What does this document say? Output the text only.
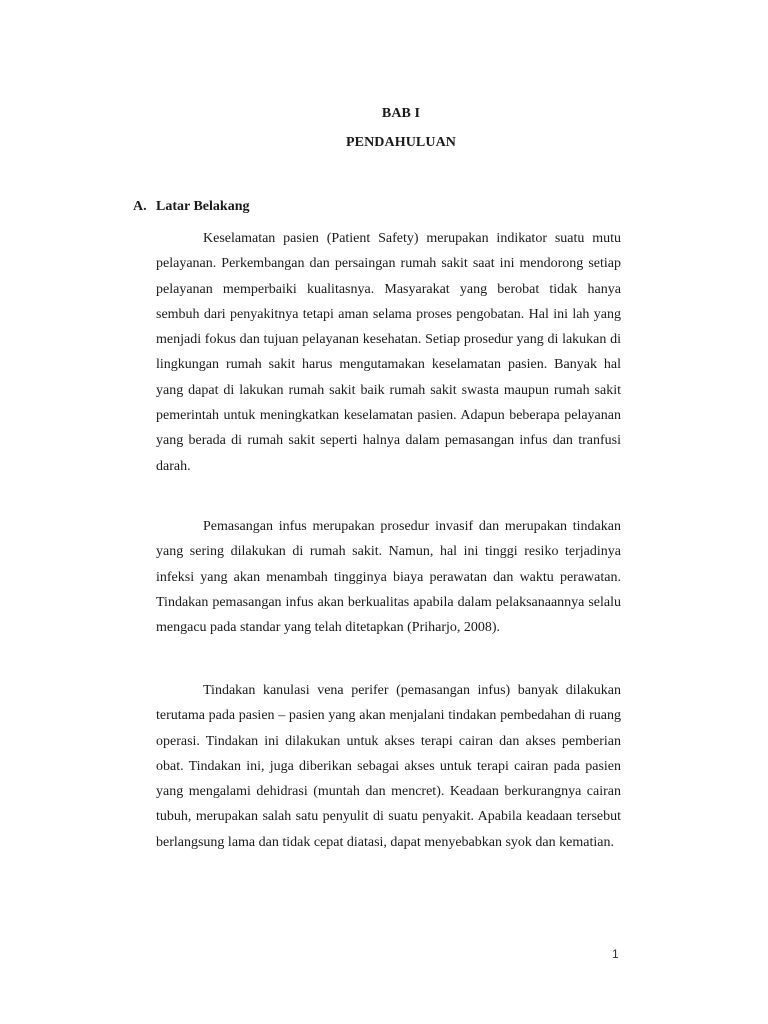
BAB I
PENDAHULUAN
A. Latar Belakang

Keselamatan pasien (Patient Safety) merupakan indikator suatu mutu pelayanan. Perkembangan dan persaingan rumah sakit saat ini mendorong setiap pelayanan memperbaiki kualitasnya. Masyarakat yang berobat tidak hanya sembuh dari penyakitnya tetapi aman selama proses pengobatan. Hal ini lah yang menjadi fokus dan tujuan pelayanan kesehatan. Setiap prosedur yang di lakukan di lingkungan rumah sakit harus mengutamakan keselamatan pasien. Banyak hal yang dapat di lakukan rumah sakit baik rumah sakit swasta maupun rumah sakit pemerintah untuk meningkatkan keselamatan pasien. Adapun beberapa pelayanan yang berada di rumah sakit seperti halnya dalam pemasangan infus dan tranfusi darah.

Pemasangan infus merupakan prosedur invasif dan merupakan tindakan yang sering dilakukan di rumah sakit. Namun, hal ini tinggi resiko terjadinya infeksi yang akan menambah tingginya biaya perawatan dan waktu perawatan. Tindakan pemasangan infus akan berkualitas apabila dalam pelaksanaannya selalu mengacu pada standar yang telah ditetapkan (Priharjo, 2008).

Tindakan kanulasi vena perifer (pemasangan infus) banyak dilakukan terutama pada pasien – pasien yang akan menjalani tindakan pembedahan di ruang operasi. Tindakan ini dilakukan untuk akses terapi cairan dan akses pemberian obat. Tindakan ini, juga diberikan sebagai akses untuk terapi cairan pada pasien yang mengalami dehidrasi (muntah dan mencret). Keadaan berkurangnya cairan tubuh, merupakan salah satu penyulit di suatu penyakit. Apabila keadaan tersebut berlangsung lama dan tidak cepat diatasi, dapat menyebabkan syok dan kematian.

1
